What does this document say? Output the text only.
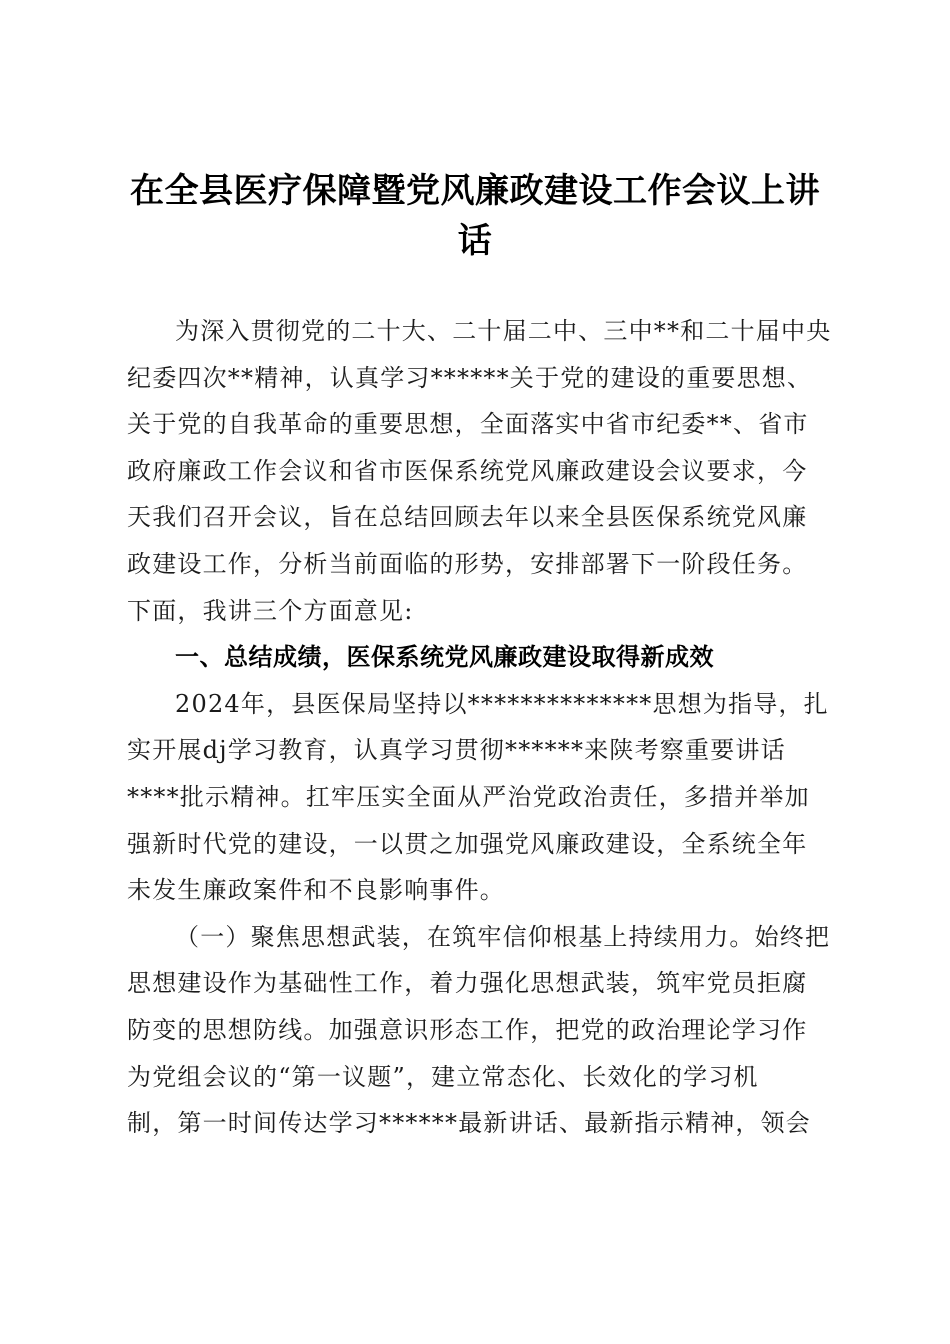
在全县医疗保障暨党风廉政建设工作会议上讲
话
为深入贯彻党的二十大、二十届二中、三中**和二十届中央
纪委四次**精神，认真学习******关于党的建设的重要思想、
关于党的自我革命的重要思想，全面落实中省市纪委**、省市
政府廉政工作会议和省市医保系统党风廉政建设会议要求，今
天我们召开会议，旨在总结回顾去年以来全县医保系统党风廉
政建设工作，分析当前面临的形势，安排部署下一阶段任务。
下面，我讲三个方面意见:
一、总结成绩，医保系统党风廉政建设取得新成效
2024年，县医保局坚持以**************思想为指导，扎
实开展dj学习教育，认真学习贯彻******来陕考察重要讲话
****批示精神。扛牢压实全面从严治党政治责任，多措并举加
强新时代党的建设，一以贯之加强党风廉政建设，全系统全年
未发生廉政案件和不良影响事件。
（一）聚焦思想武装，在筑牢信仰根基上持续用力。始终把
思想建设作为基础性工作，着力强化思想武装，筑牢党员拒腐
防变的思想防线。加强意识形态工作，把党的政治理论学习作
为党组会议的“第一议题”，建立常态化、长效化的学习机
制，第一时间传达学习******最新讲话、最新指示精神，领会
